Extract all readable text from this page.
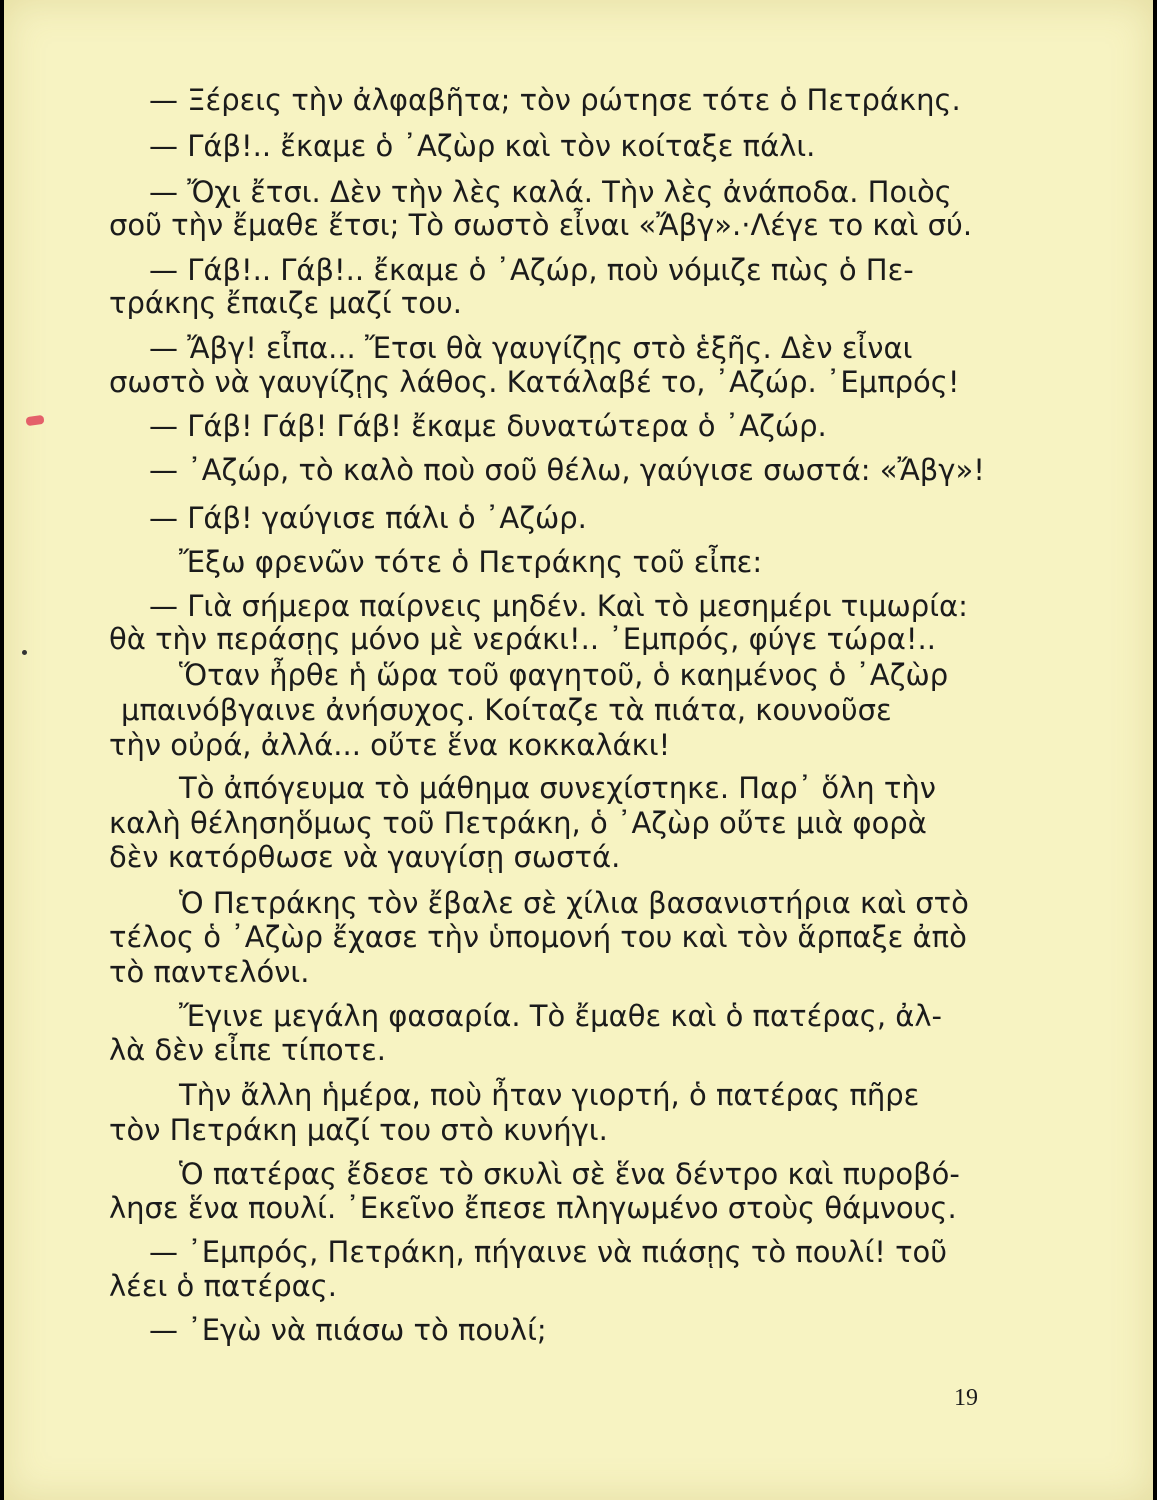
— Ξέρεις τὴν ἀλφαβῆτα; τὸν ρώτησε τότε ὁ Πετράκης.
— Γάβ!.. ἔκαμε ὁ ᾿Αζὼρ καὶ τὸν κοίταξε πάλι.
— Ὄχι ἔτσι. Δὲν τὴν λὲς καλά. Τὴν λὲς ἀνάποδα. Ποιὸς
σοῦ τὴν ἔμαθε ἔτσι; Τὸ σωστὸ εἶναι «Ἄβγ».·Λέγε το καὶ σύ.
— Γάβ!.. Γάβ!.. ἔκαμε ὁ ᾿Αζώρ, ποὺ νόμιζε πὼς ὁ Πε-
τράκης ἔπαιζε μαζί του.
— Ἄβγ! εἶπα... Ἔτσι θὰ γαυγίζῃς στὸ ἑξῆς. Δὲν εἶναι
σωστὸ νὰ γαυγίζῃς λάθος. Κατάλαβέ το, ᾿Αζώρ. ᾿Εμπρός!
— Γάβ! Γάβ! Γάβ! ἔκαμε δυνατώτερα ὁ ᾿Αζώρ.
— ᾿Αζώρ, τὸ καλὸ ποὺ σοῦ θέλω, γαύγισε σωστά: «Ἄβγ»!
— Γάβ! γαύγισε πάλι ὁ ᾿Αζώρ.
Ἔξω φρενῶν τότε ὁ Πετράκης τοῦ εἶπε:
— Γιὰ σήμερα παίρνεις μηδέν. Καὶ τὸ μεσημέρι τιμωρία:
θὰ τὴν περάσῃς μόνο μὲ νεράκι!.. ᾿Εμπρός, φύγε τώρα!..
Ὅταν ἦρθε ἡ ὥρα τοῦ φαγητοῦ, ὁ καημένος ὁ ᾿Αζὼρ
μπαινόβγαινε ἀνήσυχος. Κοίταζε τὰ πιάτα, κουνοῦσε
τὴν οὐρά, ἀλλά... οὔτε ἕνα κοκκαλάκι!
Τὸ ἀπόγευμα τὸ μάθημα συνεχίστηκε. Παρ᾿ ὅλη τὴν
καλὴ θέλησηὅμως τοῦ Πετράκη, ὁ ᾿Αζὼρ οὔτε μιὰ φορὰ
δὲν κατόρθωσε νὰ γαυγίσῃ σωστά.
Ὁ Πετράκης τὸν ἔβαλε σὲ χίλια βασανιστήρια καὶ στὸ
τέλος ὁ ᾿Αζὼρ ἔχασε τὴν ὑπομονή του καὶ τὸν ἅρπαξε ἀπὸ
τὸ παντελόνι.
Ἔγινε μεγάλη φασαρία. Τὸ ἔμαθε καὶ ὁ πατέρας, ἀλ-
λὰ δὲν εἶπε τίποτε.
Τὴν ἄλλη ἡμέρα, ποὺ ἦταν γιορτή, ὁ πατέρας πῆρε
τὸν Πετράκη μαζί του στὸ κυνήγι.
Ὁ πατέρας ἔδεσε τὸ σκυλὶ σὲ ἕνα δέντρο καὶ πυροβό-
λησε ἕνα πουλί. ᾿Εκεῖνο ἔπεσε πληγωμένο στοὺς θάμνους.
— ᾿Εμπρός, Πετράκη, πήγαινε νὰ πιάσῃς τὸ πουλί! τοῦ
λέει ὁ πατέρας.
— ᾿Εγὼ νὰ πιάσω τὸ πουλί;
19
